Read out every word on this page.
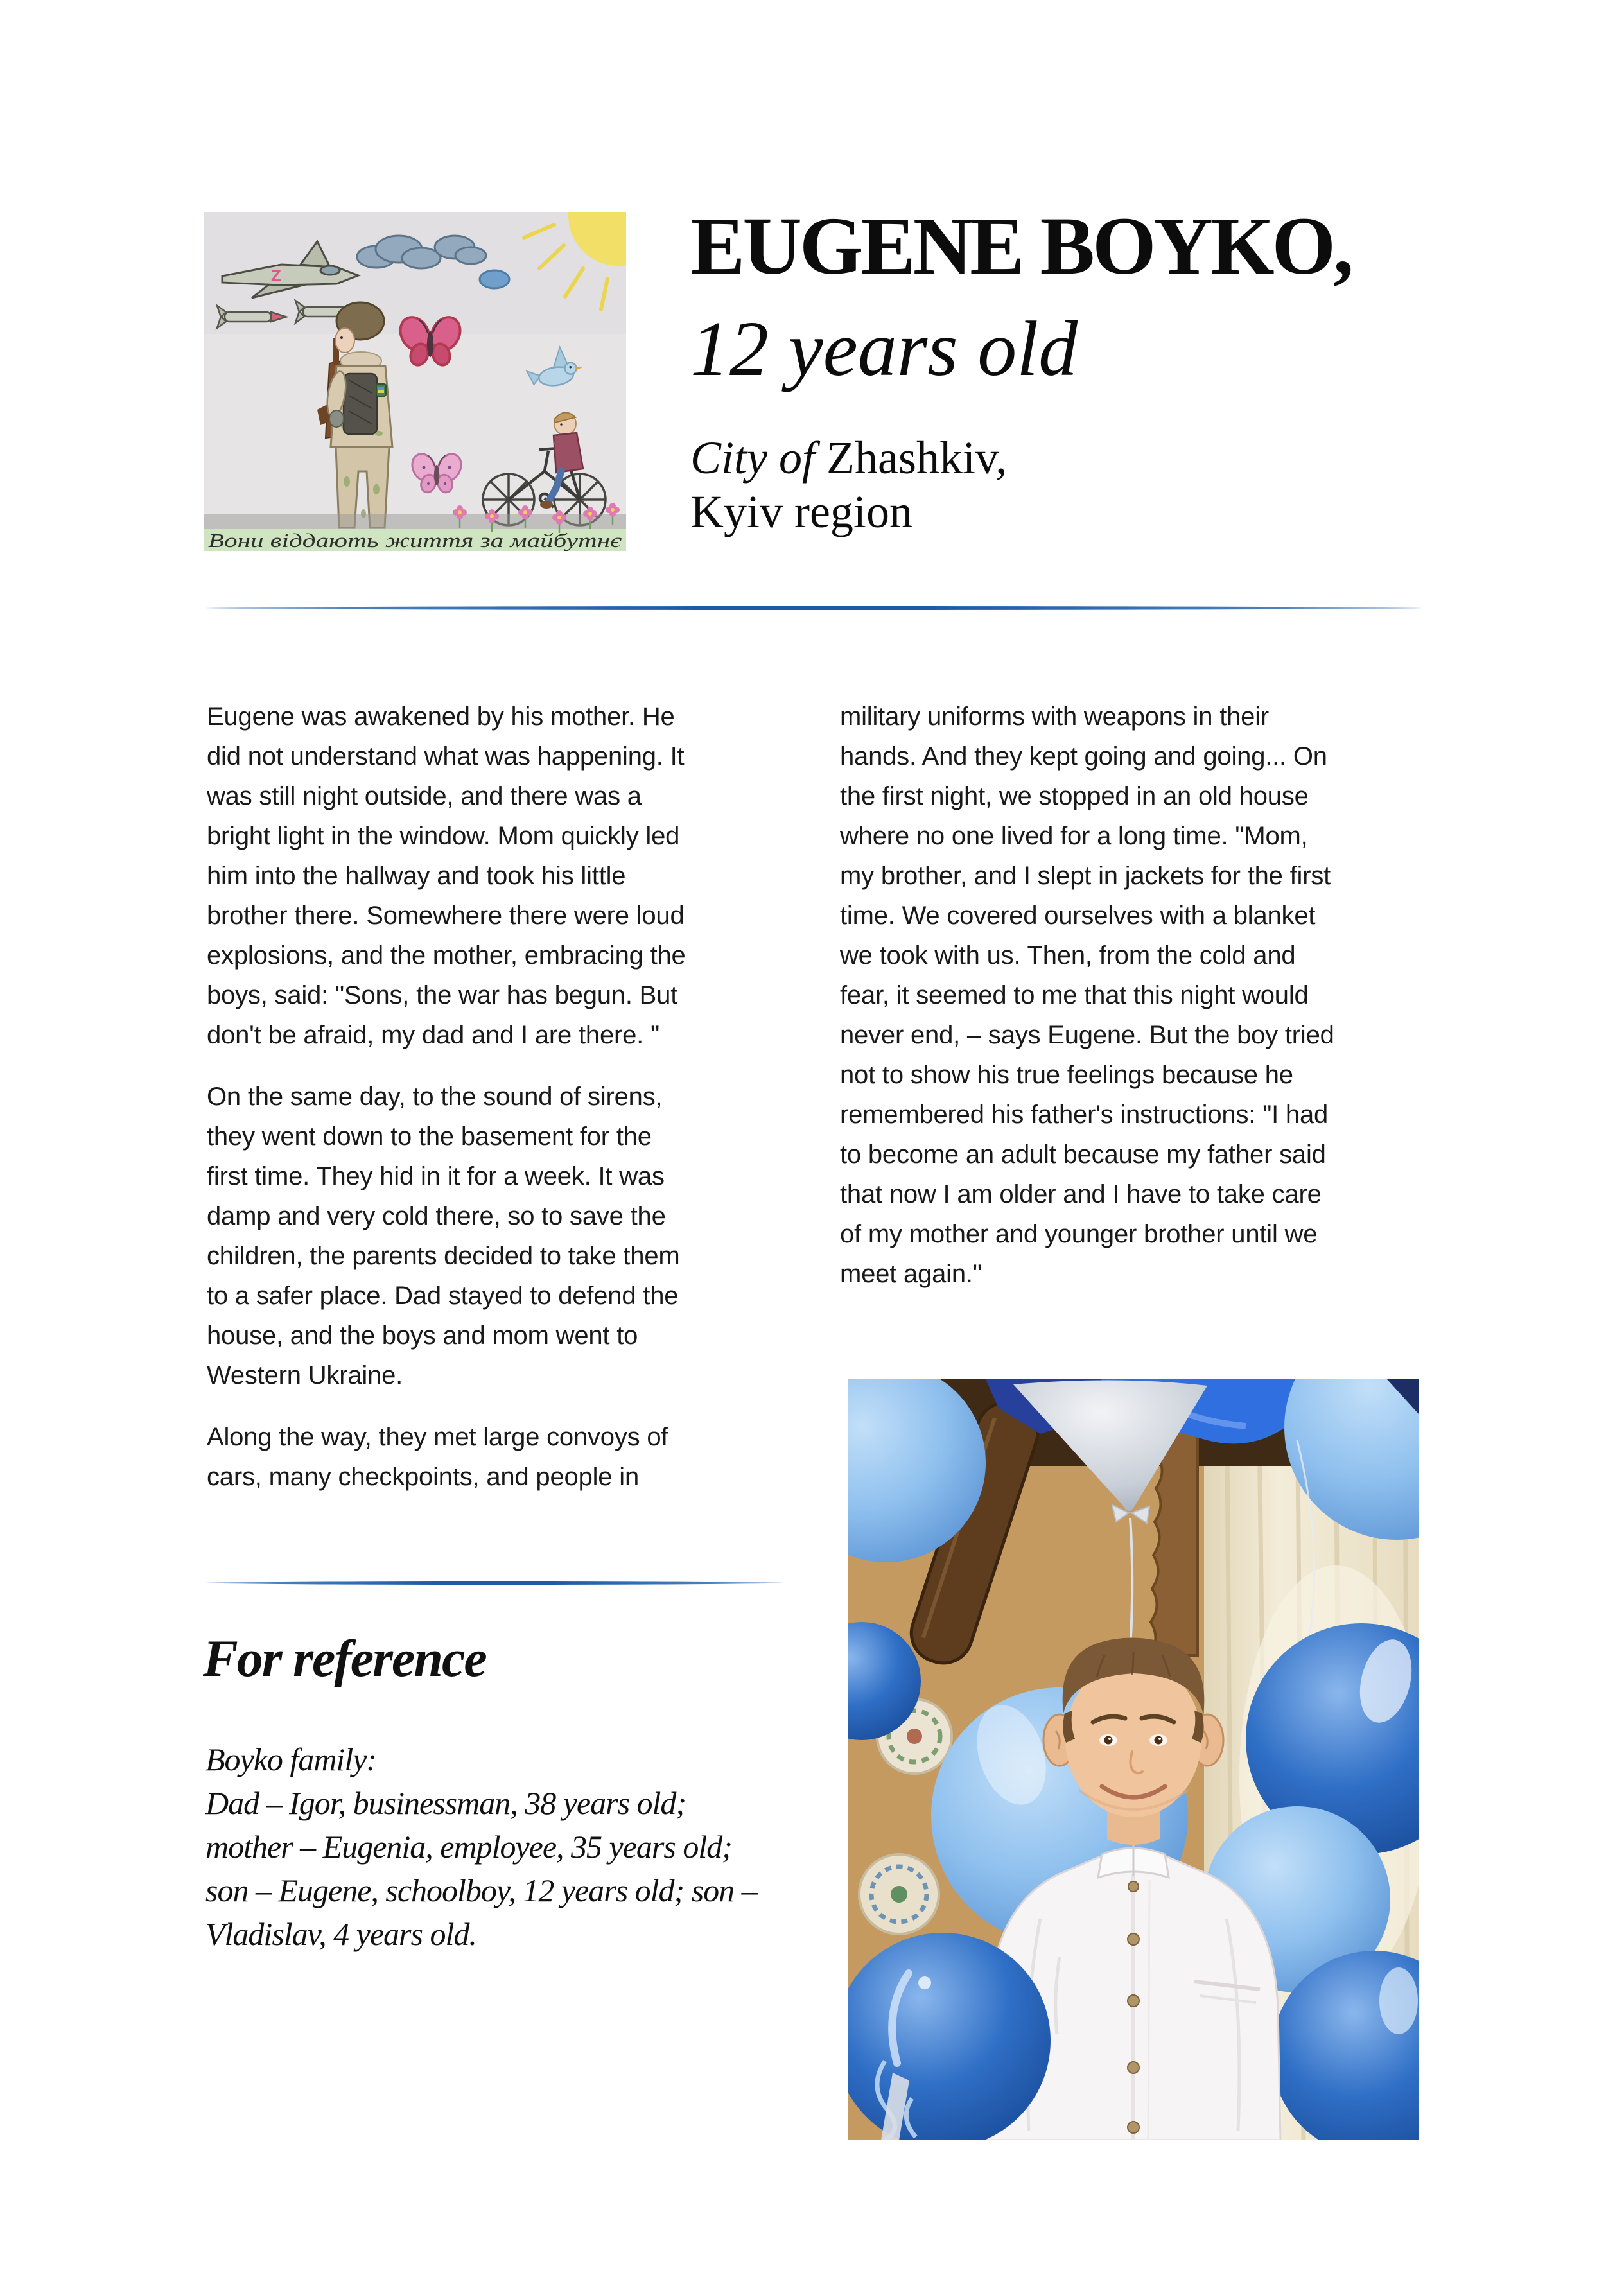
Z
Вони віддають життя за майбутнє
EUGENE BOYKO,
12 years old
City of Zhashkiv,
Kyiv region

Eugene was awakened by his mother. He
did not understand what was happening. It
was still night outside, and there was a
bright light in the window. Mom quickly led
him into the hallway and took his little
brother there. Somewhere there were loud
explosions, and the mother, embracing the
boys, said: "Sons, the war has begun. But
don't be afraid, my dad and I are there. "

On the same day, to the sound of sirens,
they went down to the basement for the
first time. They hid in it for a week. It was
damp and very cold there, so to save the
children, the parents decided to take them
to a safer place. Dad stayed to defend the
house, and the boys and mom went to
Western Ukraine.

Along the way, they met large convoys of
cars, many checkpoints, and people in

military uniforms with weapons in their
hands. And they kept going and going... On
the first night, we stopped in an old house
where no one lived for a long time. "Mom,
my brother, and I slept in jackets for the first
time. We covered ourselves with a blanket
we took with us. Then, from the cold and
fear, it seemed to me that this night would
never end, – says Eugene. But the boy tried
not to show his true feelings because he
remembered his father's instructions: "I had
to become an adult because my father said
that now I am older and I have to take care
of my mother and younger brother until we
meet again."

For reference
Boyko family:
Dad – Igor, businessman, 38 years old;
mother – Eugenia, employee, 35 years old;
son – Eugene, schoolboy, 12 years old; son –
Vladislav, 4 years old.
